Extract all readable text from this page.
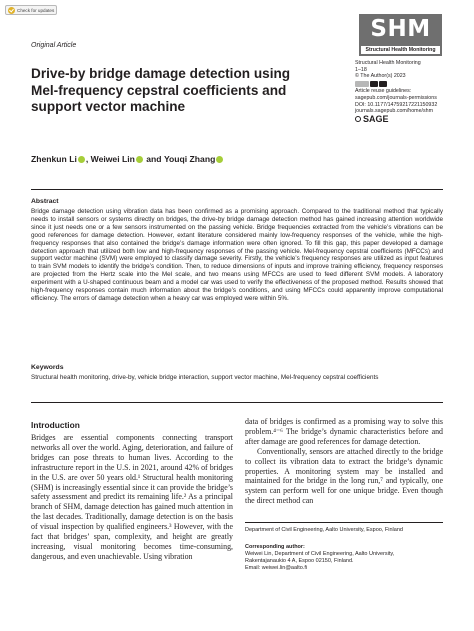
Check for updates
Original Article
SHM
Structural Health Monitoring
Structural Health Monitoring
1–18
© The Author(s) 2023
Article reuse guidelines:
sagepub.com/journals-permissions
DOI: 10.1177/14759217221150932
journals.sagepub.com/home/shm
SAGE
Drive-by bridge damage detection using Mel-frequency cepstral coefficients and support vector machine
Zhenkun Li , Weiwei Lin and Youqi Zhang
Abstract
Bridge damage detection using vibration data has been confirmed as a promising approach. Compared to the traditional method that typically needs to install sensors or systems directly on bridges, the drive-by bridge damage detection method has gained increasing attention worldwide since it just needs one or a few sensors instrumented on the passing vehicle. Bridge frequencies extracted from the vehicle’s vibrations can be good references for damage detection. However, extant literature considered mainly low-frequency responses of the vehicle, while the high-frequency responses that also contained the bridge’s damage information were often ignored. To fill this gap, this paper developed a damage detection approach that utilized both low and high-frequency responses of the passing vehicle. Mel-frequency cepstral coefficients (MFCCs) and support vector machine (SVM) were employed to classify damage severity. Firstly, the vehicle’s frequency responses are utilized as input features to train SVM models to identify the bridge’s condition. Then, to reduce dimensions of inputs and improve training efficiency, frequency responses are projected from the Hertz scale into the Mel scale, and two means using MFCCs are used to feed different SVM models. A laboratory experiment with a U-shaped continuous beam and a model car was used to verify the effectiveness of the proposed method. Results showed that high-frequency responses contain much information about the bridge’s conditions, and using MFCCs could apparently improve computational efficiency. The errors of damage detection when a heavy car was employed were within 5%.
Keywords
Structural health monitoring, drive-by, vehicle bridge interaction, support vector machine, Mel-frequency cepstral coefficients
Introduction

Bridges are essential components connecting transport networks all over the world. Aging, deterioration, and failure of bridges can pose threats to human lives. According to the infrastructure report in the U.S. in 2021, around 42% of bridges in the U.S. are over 50 years old.¹ Structural health monitoring (SHM) is increasingly essential since it can provide the bridge’s safety assessment and predict its remaining life.² As a principal branch of SHM, damage detection has gained much attention in the last decades. Traditionally, damage detection is on the basis of visual inspection by qualified engineers.³ However, with the fact that bridges’ span, complexity, and height are greatly increasing, visual monitoring becomes time-consuming, dangerous, and even unachievable. Using vibration

data of bridges is confirmed as a promising way to solve this problem.⁴⁻⁶ The bridge’s dynamic characteristics before and after damage are good references for damage detection.

Conventionally, sensors are attached directly to the bridge to collect its vibration data to extract the bridge’s dynamic properties. A monitoring system may be installed and maintained for the bridge in the long run,⁷ and typically, one system can perform well for one unique bridge. Even though the direct method can

Department of Civil Engineering, Aalto University, Espoo, Finland
Corresponding author:
Weiwei Lin, Department of Civil Engineering, Aalto University,
Rakentajanaukio 4 A, Espoo 02150, Finland.
Email: weiwei.lin@aalto.fi
